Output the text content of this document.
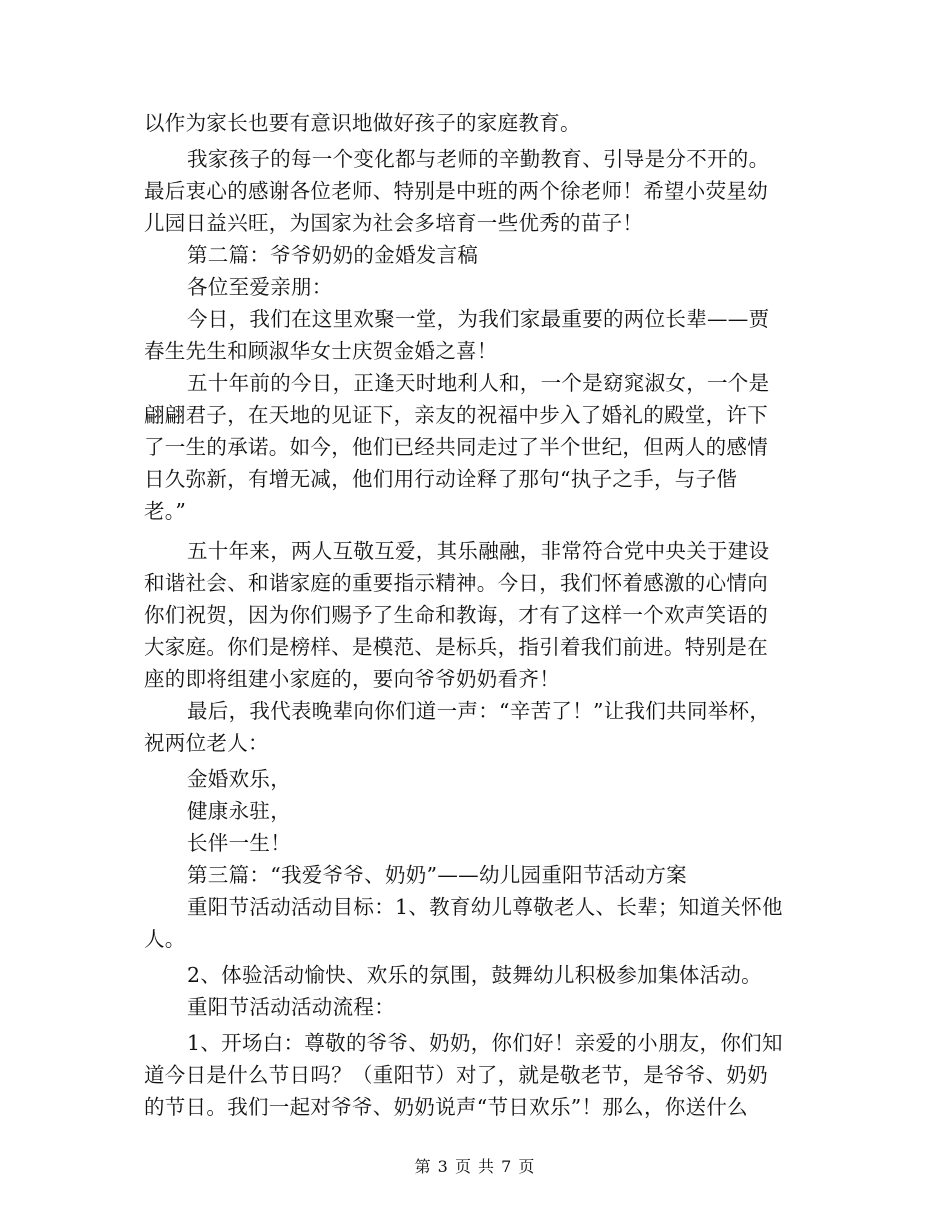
以作为家长也要有意识地做好孩子的家庭教育。
我家孩子的每一个变化都与老师的辛勤教育、引导是分不开的。
最后衷心的感谢各位老师、特别是中班的两个徐老师！希望小荧星幼
儿园日益兴旺，为国家为社会多培育一些优秀的苗子！
第二篇：爷爷奶奶的金婚发言稿
各位至爱亲朋：
今日，我们在这里欢聚一堂，为我们家最重要的两位长辈——贾
春生先生和顾淑华女士庆贺金婚之喜！
五十年前的今日，正逢天时地利人和，一个是窈窕淑女，一个是
翩翩君子，在天地的见证下，亲友的祝福中步入了婚礼的殿堂，许下
了一生的承诺。如今，他们已经共同走过了半个世纪，但两人的感情
日久弥新，有增无减，他们用行动诠释了那句“执子之手，与子偕
老。”
五十年来，两人互敬互爱，其乐融融，非常符合党中央关于建设
和谐社会、和谐家庭的重要指示精神。今日，我们怀着感激的心情向
你们祝贺，因为你们赐予了生命和教诲，才有了这样一个欢声笑语的
大家庭。你们是榜样、是模范、是标兵，指引着我们前进。特别是在
座的即将组建小家庭的，要向爷爷奶奶看齐！
最后，我代表晚辈向你们道一声：“辛苦了！”让我们共同举杯，
祝两位老人：
金婚欢乐，
健康永驻，
长伴一生！
第三篇：“我爱爷爷、奶奶”——幼儿园重阳节活动方案
重阳节活动活动目标：1、教育幼儿尊敬老人、长辈；知道关怀他
人。
2、体验活动愉快、欢乐的氛围，鼓舞幼儿积极参加集体活动。
重阳节活动活动流程：
1、开场白：尊敬的爷爷、奶奶，你们好！亲爱的小朋友，你们知
道今日是什么节日吗？（重阳节）对了，就是敬老节，是爷爷、奶奶
的节日。我们一起对爷爷、奶奶说声“节日欢乐”！那么，你送什么
第 3 页 共 7 页
